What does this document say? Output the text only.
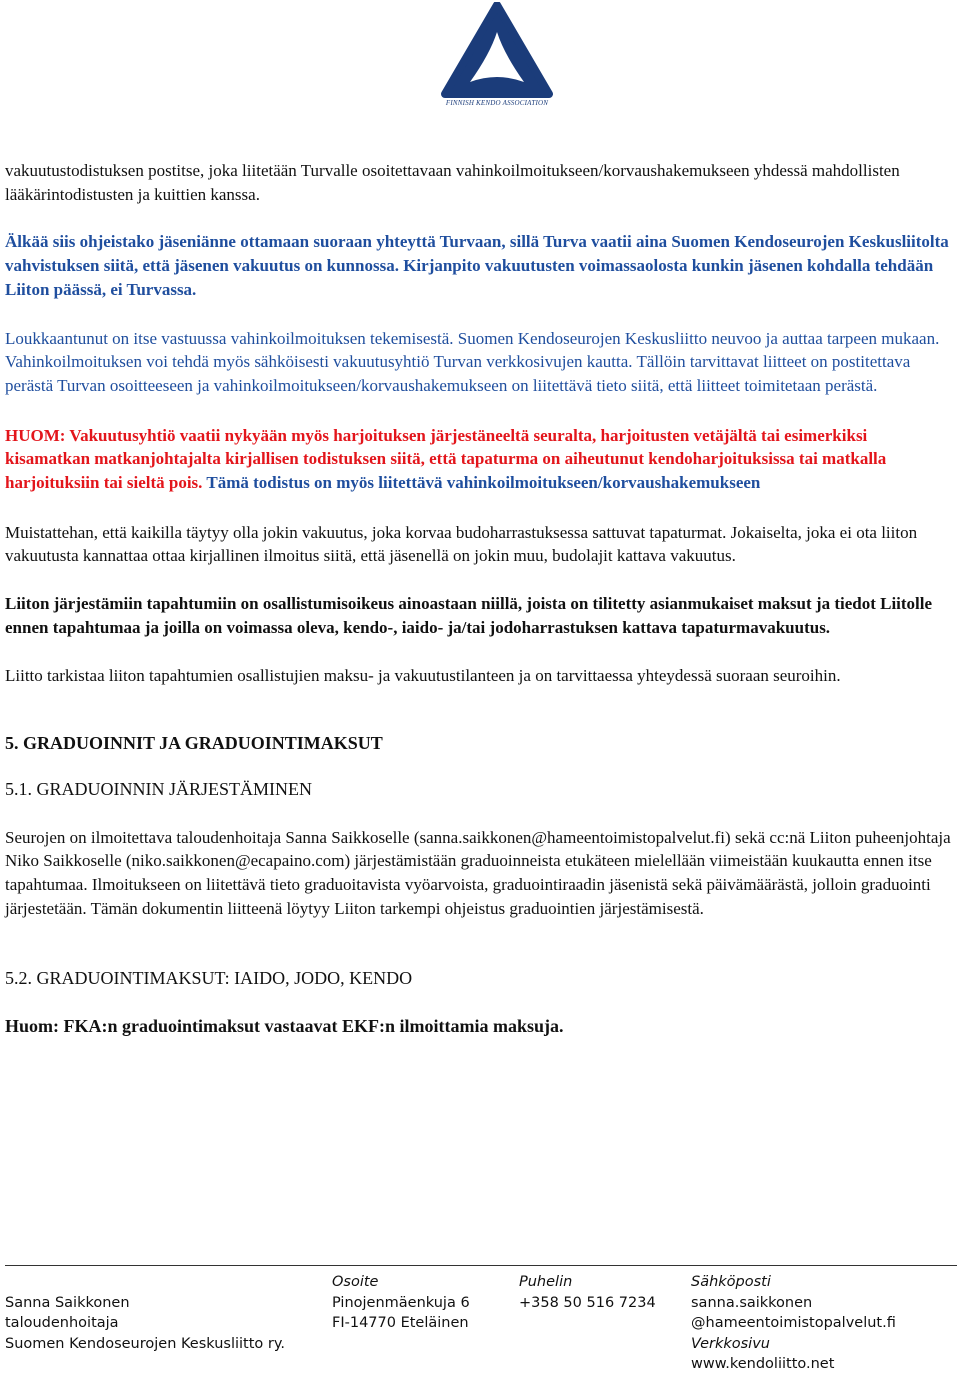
FINNISH KENDO ASSOCIATION

vakuutustodistuksen postitse, joka liitetään Turvalle osoitettavaan vahinkoilmoitukseen/korvaushakemukseen yhdessä mahdollisten lääkärintodistusten ja kuittien kanssa.

Älkää siis ohjeistako jäseniänne ottamaan suoraan yhteyttä Turvaan, sillä Turva vaatii aina Suomen Kendoseurojen Keskusliitolta vahvistuksen siitä, että jäsenen vakuutus on kunnossa. Kirjanpito vakuutusten voimassaolosta kunkin jäsenen kohdalla tehdään Liiton päässä, ei Turvassa.

Loukkaantunut on itse vastuussa vahinkoilmoituksen tekemisestä. Suomen Kendoseurojen Keskusliitto neuvoo ja auttaa tarpeen mukaan. Vahinkoilmoituksen voi tehdä myös sähköisesti vakuutusyhtiö Turvan verkkosivujen kautta. Tällöin tarvittavat liitteet on postitettava perästä Turvan osoitteeseen ja vahinkoilmoitukseen/korvaushakemukseen on liitettävä tieto siitä, että liitteet toimitetaan perästä.

HUOM: Vakuutusyhtiö vaatii nykyään myös harjoituksen järjestäneeltä seuralta, harjoitusten vetäjältä tai esimerkiksi kisamatkan matkanjohtajalta kirjallisen todistuksen siitä, että tapaturma on aiheutunut kendoharjoituksissa tai matkalla harjoituksiin tai sieltä pois. Tämä todistus on myös liitettävä vahinkoilmoitukseen/korvaushakemukseen

Muistattehan, että kaikilla täytyy olla jokin vakuutus, joka korvaa budoharrastuksessa sattuvat tapaturmat. Jokaiselta, joka ei ota liiton vakuutusta kannattaa ottaa kirjallinen ilmoitus siitä, että jäsenellä on jokin muu, budolajit kattava vakuutus.

Liiton järjestämiin tapahtumiin on osallistumisoikeus ainoastaan niillä, joista on tilitetty asianmukaiset maksut ja tiedot Liitolle ennen tapahtumaa ja joilla on voimassa oleva, kendo-, iaido- ja/tai jodoharrastuksen kattava tapaturmavakuutus.

Liitto tarkistaa liiton tapahtumien osallistujien maksu- ja vakuutustilanteen ja on tarvittaessa yhteydessä suoraan seuroihin.

5. GRADUOINNIT JA GRADUOINTIMAKSUT

5.1. GRADUOINNIN JÄRJESTÄMINEN

Seurojen on ilmoitettava taloudenhoitaja Sanna Saikkoselle (sanna.saikkonen@hameentoimistopalvelut.fi) sekä cc:nä Liiton puheenjohtaja Niko Saikkoselle (niko.saikkonen@ecapaino.com) järjestämistään graduoinneista etukäteen mielellään viimeistään kuukautta ennen itse tapahtumaa. Ilmoitukseen on liitettävä tieto graduoitavista vyöarvoista, graduointiraadin jäsenistä sekä päivämäärästä, jolloin graduointi järjestetään. Tämän dokumentin liitteenä löytyy Liiton tarkempi ohjeistus graduointien järjestämisestä.

5.2. GRADUOINTIMAKSUT: IAIDO, JODO, KENDO

Huom: FKA:n graduointimaksut vastaavat EKF:n ilmoittamia maksuja.

Sanna Saikkonen
taloudenhoitaja
Suomen Kendoseurojen Keskusliitto ry.
Osoite
Pinojenmäenkuja 6
FI-14770 Eteläinen
Puhelin
+358 50 516 7234
Sähköposti
sanna.saikkonen
@hameentoimistopalvelut.fi
Verkkosivu
www.kendoliitto.net
